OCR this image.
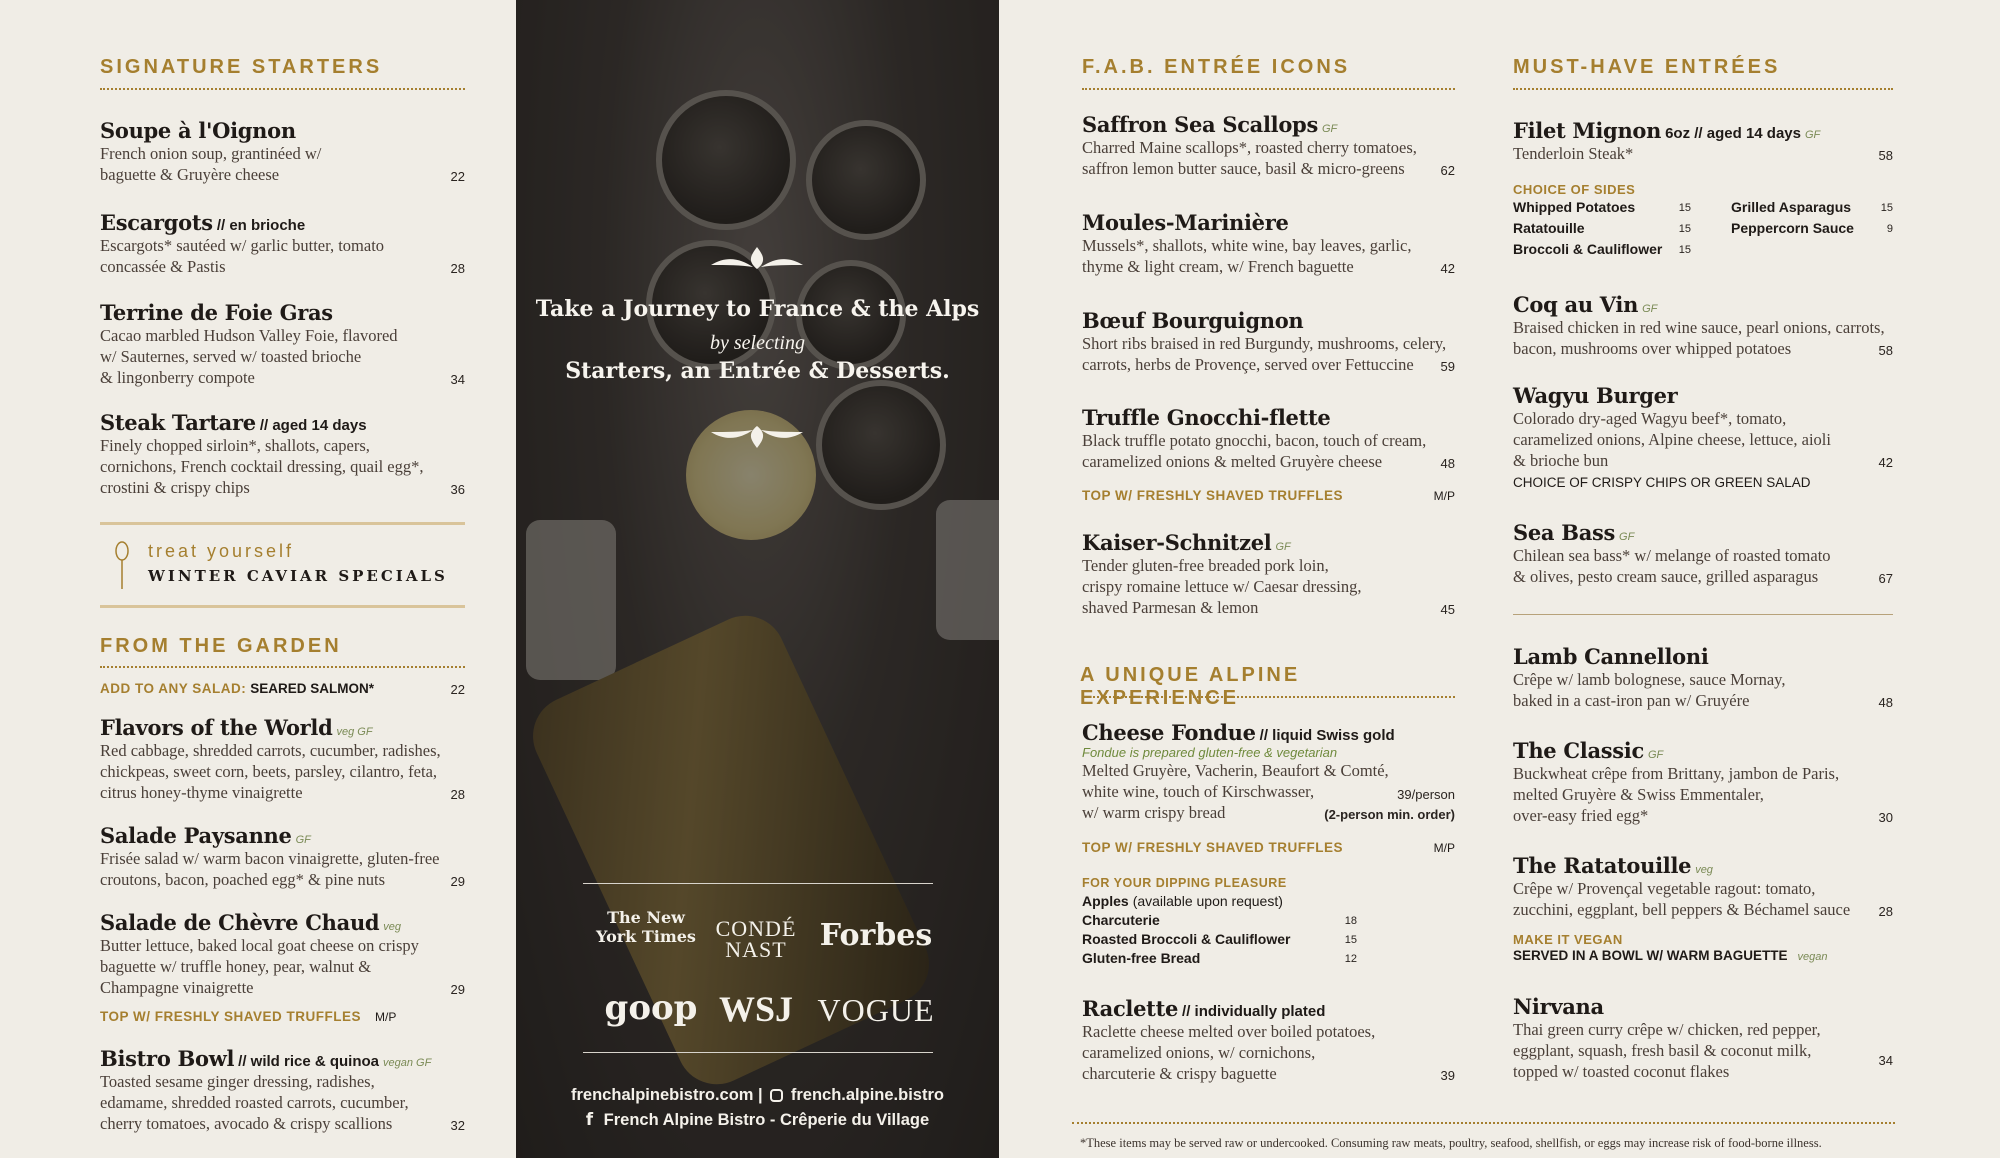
SIGNATURE STARTERS
Soupe à l'Oignon
French onion soup, grantinéed w/
baguette & Gruyère cheese	22
Escargots // en brioche
Escargots* sautéed w/ garlic butter, tomato
concassée & Pastis	28
Terrine de Foie Gras
Cacao marbled Hudson Valley Foie, flavored
w/ Sauternes, served w/ toasted brioche
& lingonberry compote	34
Steak Tartare // aged 14 days
Finely chopped sirloin*, shallots, capers,
cornichons, French cocktail dressing, quail egg*,
crostini & crispy chips	36
treat yourself
WINTER CAVIAR SPECIALS
FROM THE GARDEN
ADD TO ANY SALAD: SEARED SALMON*	22
Flavors of the World veg GF
Red cabbage, shredded carrots, cucumber, radishes,
chickpeas, sweet corn, beets, parsley, cilantro, feta,
citrus honey-thyme vinaigrette	28
Salade Paysanne GF
Frisée salad w/ warm bacon vinaigrette, gluten-free
croutons, bacon, poached egg* & pine nuts	29
Salade de Chèvre Chaud veg
Butter lettuce, baked local goat cheese on crispy
baguette w/ truffle honey, pear, walnut &
Champagne vinaigrette	29
TOP W/ FRESHLY SHAVED TRUFFLES M/P
Bistro Bowl // wild rice & quinoa vegan GF
Toasted sesame ginger dressing, radishes,
edamame, shredded roasted carrots, cucumber,
cherry tomatoes, avocado & crispy scallions	32
Take a Journey to France & the Alps
by selecting
Starters, an Entrée & Desserts.
The New York Times CONDÉ NAST	Forbes
goop WSJ VOGUE
frenchalpinebistro.com | french.alpine.bistro
f French Alpine Bistro - Crêperie du Village
F.A.B. ENTRÉE ICONS
Saffron Sea Scallops GF
Charred Maine scallops*, roasted cherry tomatoes,
saffron lemon butter sauce, basil & micro-greens	62
Moules-Marinière
Mussels*, shallots, white wine, bay leaves, garlic,
thyme & light cream, w/ French baguette	42
Bœuf Bourguignon
Short ribs braised in red Burgundy, mushrooms, celery,
carrots, herbs de Provençe, served over Fettuccine 59
Truffle Gnocchi-flette
Black truffle potato gnocchi, bacon, touch of cream,
caramelized onions & melted Gruyère cheese	48
TOP W/ FRESHLY SHAVED TRUFFLES	M/P
Kaiser-Schnitzel GF
Tender gluten-free breaded pork loin,
crispy romaine lettuce w/ Caesar dressing,
shaved Parmesan & lemon	45
A UNIQUE ALPINE EXPERIENCE
Cheese Fondue // liquid Swiss gold
Fondue is prepared gluten-free & vegetarian
Melted Gruyère, Vacherin, Beaufort & Comté,
white wine, touch of Kirschwasser,	39/person
w/ warm crispy bread	(2-person min. order)
TOP W/ FRESHLY SHAVED TRUFFLES	M/P
FOR YOUR DIPPING PLEASURE
Apples (available upon request)
Charcuterie	18
Roasted Broccoli & Cauliflower	15
Gluten-free Bread	12
Raclette // individually plated
Raclette cheese melted over boiled potatoes,
caramelized onions, w/ cornichons,
charcuterie & crispy baguette	39
MUST-HAVE ENTRÉES
Filet Mignon 6oz // aged 14 days GF
Tenderloin Steak*	58
CHOICE OF SIDES
Whipped Potatoes	15
Ratatouille	15
Broccoli & Cauliflower 15
Grilled Asparagus	15
Peppercorn Sauce	9
Coq au Vin GF
Braised chicken in red wine sauce, pearl onions, carrots,
bacon, mushrooms over whipped potatoes	58
Wagyu Burger
Colorado dry-aged Wagyu beef*, tomato,
caramelized onions, Alpine cheese, lettuce, aioli
& brioche bun	42
CHOICE OF CRISPY CHIPS OR GREEN SALAD
Sea Bass GF
Chilean sea bass* w/ melange of roasted tomato
& olives, pesto cream sauce, grilled asparagus	67
Lamb Cannelloni
Crêpe w/ lamb bolognese, sauce Mornay,
baked in a cast-iron pan w/ Gruyére	48
The Classic GF
Buckwheat crêpe from Brittany, jambon de Paris,
melted Gruyère & Swiss Emmentaler,
over-easy fried egg*	30
The Ratatouille veg
Crêpe w/ Provençal vegetable ragout: tomato,
zucchini, eggplant, bell peppers & Béchamel sauce 28
MAKE IT VEGAN
SERVED IN A BOWL W/ WARM BAGUETTE vegan
Nirvana
Thai green curry crêpe w/ chicken, red pepper,
eggplant, squash, fresh basil & coconut milk,
34
topped w/ toasted coconut flakes
*These items may be served raw or undercooked. Consuming raw meats, poultry, seafood, shellfish, or eggs may increase risk of food-borne illness.
